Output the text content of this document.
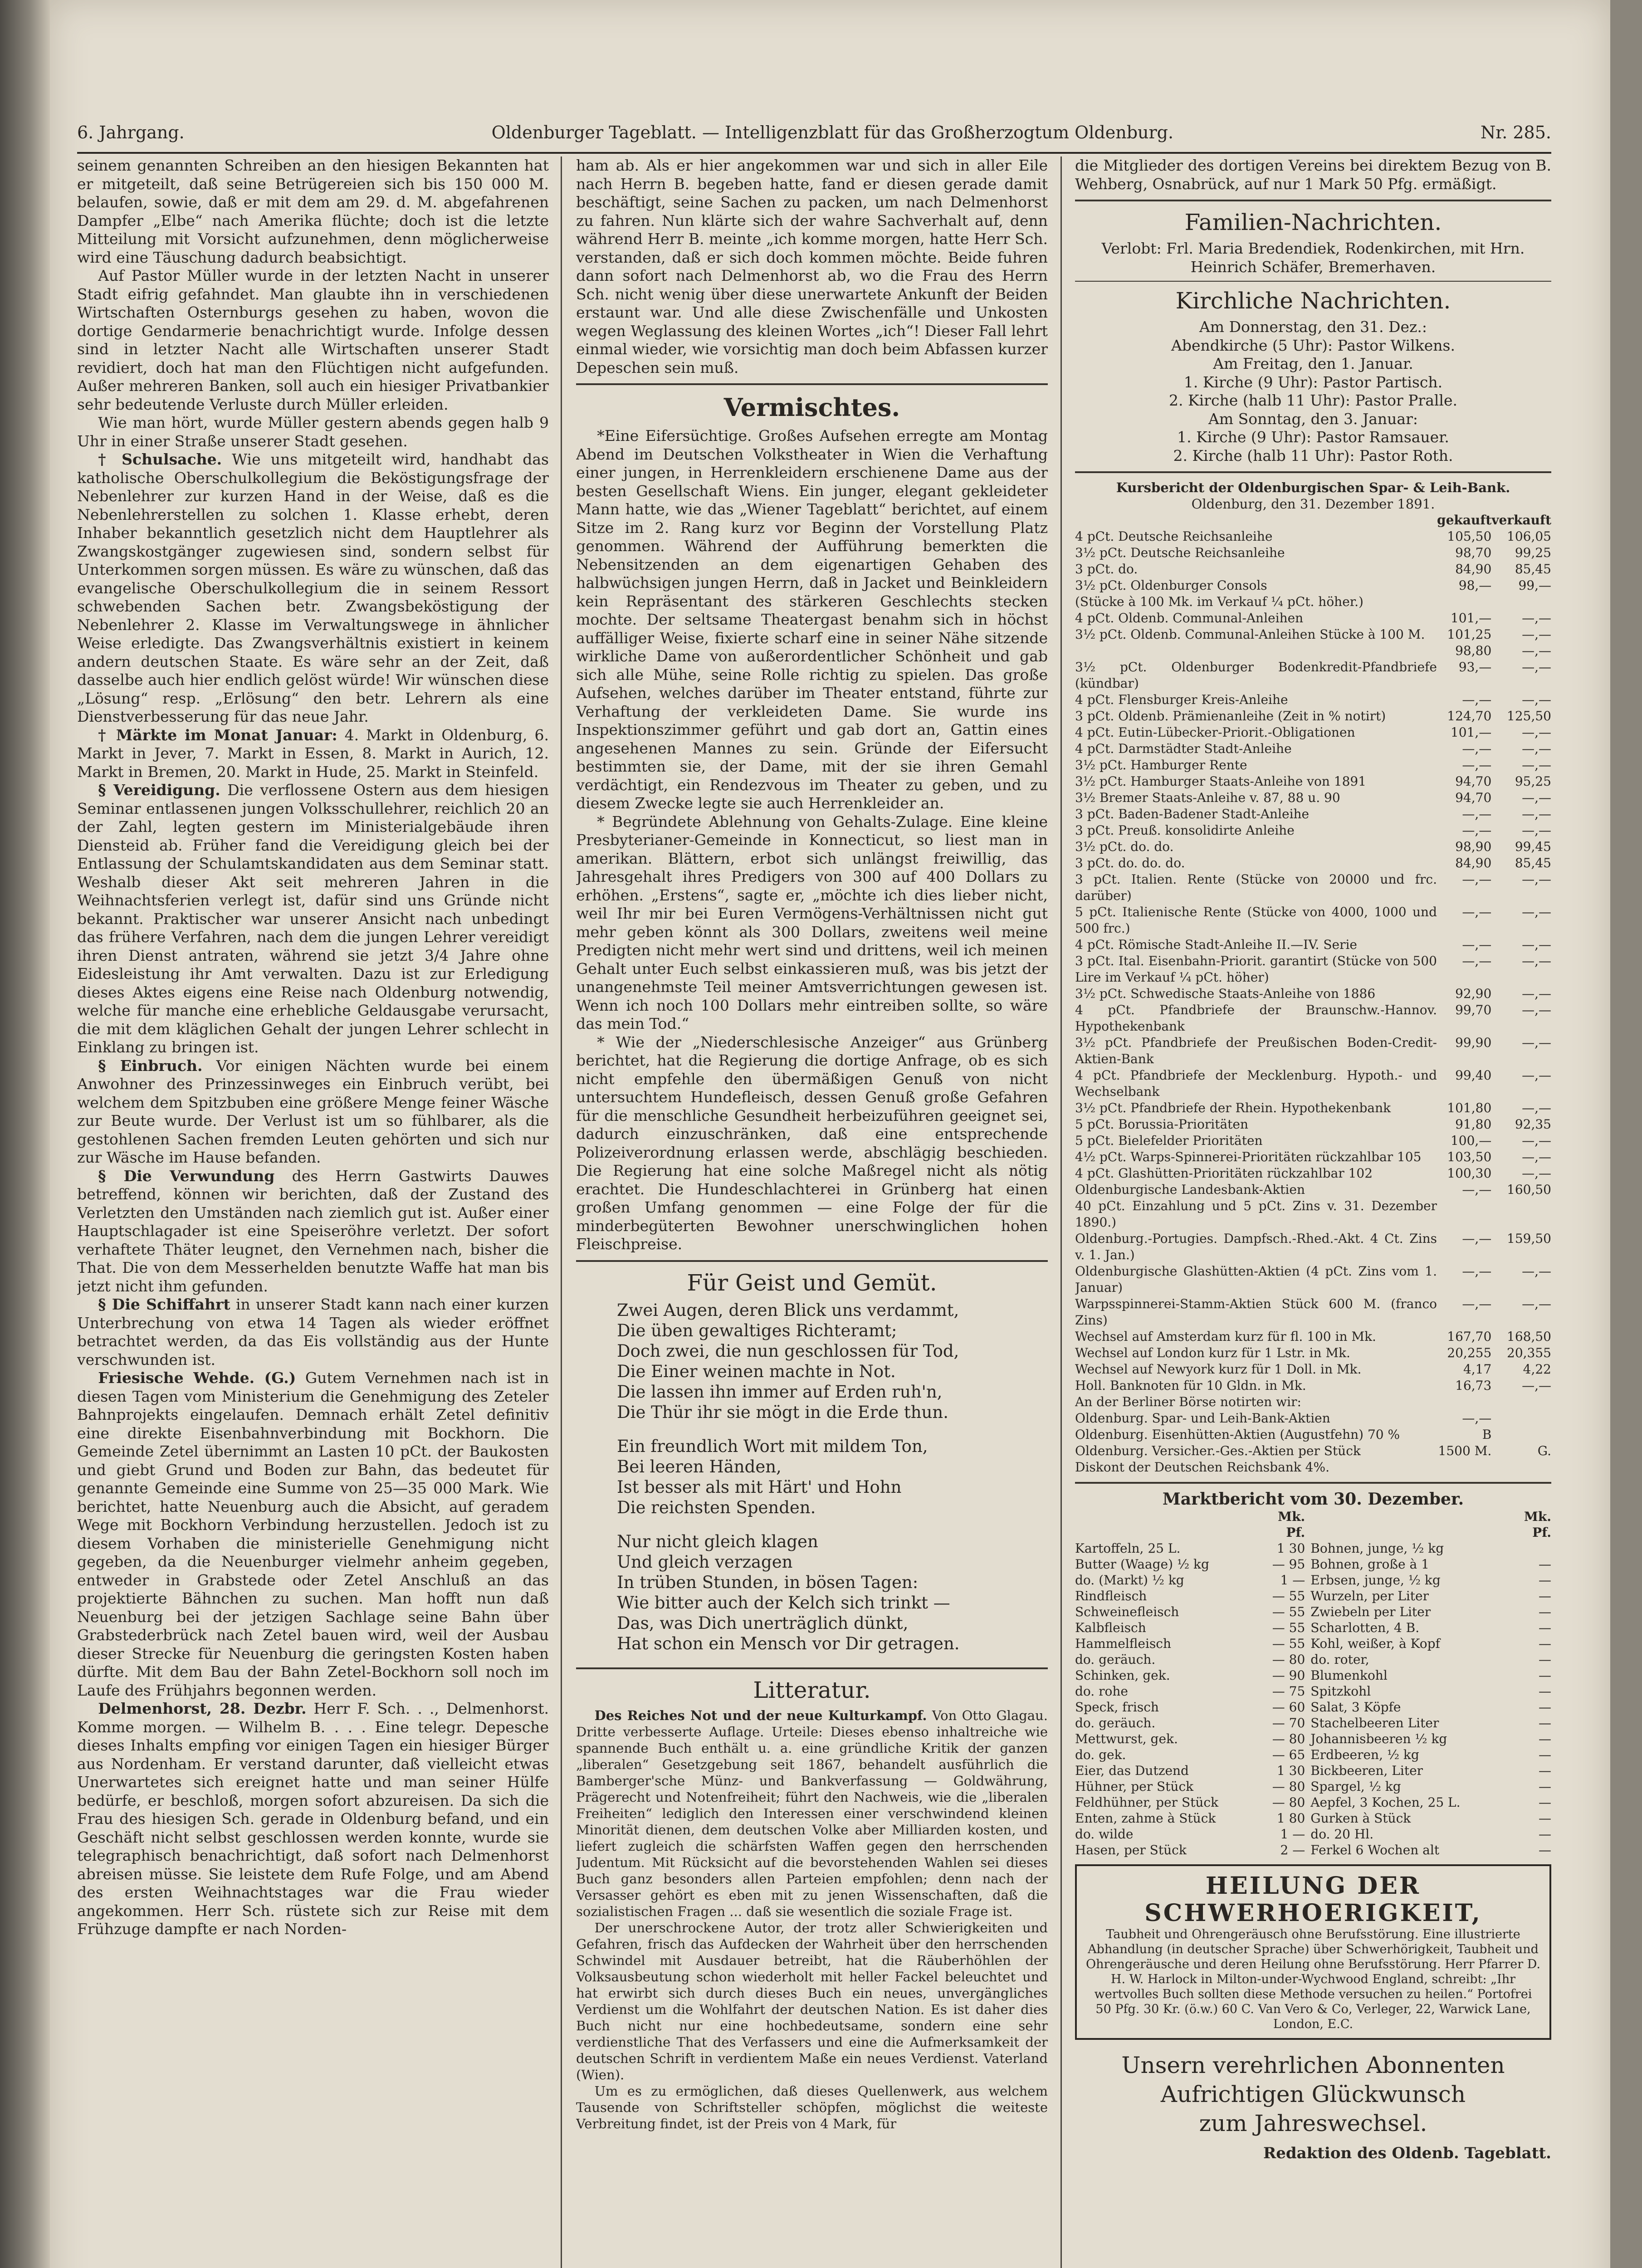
6. Jahrgang.	Oldenburger Tageblatt. — Intelligenzblatt für das Großherzogtum Oldenburg.	Nr. 285.

seinem genannten Schreiben an den hiesigen Bekannten hat er mitgeteilt, daß seine Betrügereien sich bis 150 000 M. belaufen, sowie, daß er mit dem am 29. d. M. abgefahrenen Dampfer „Elbe“ nach Amerika flüchte; doch ist die letzte Mitteilung mit Vorsicht aufzunehmen, denn möglicherweise wird eine Täuschung dadurch beabsichtigt.

Auf Pastor Müller wurde in der letzten Nacht in unserer Stadt eifrig gefahndet. Man glaubte ihn in verschiedenen Wirtschaften Osternburgs gesehen zu haben, wovon die dortige Gendarmerie benachrichtigt wurde. Infolge dessen sind in letzter Nacht alle Wirtschaften unserer Stadt revidiert, doch hat man den Flüchtigen nicht aufgefunden. Außer mehreren Banken, soll auch ein hiesiger Privatbankier sehr bedeutende Verluste durch Müller erleiden.

Wie man hört, wurde Müller gestern abends gegen halb 9 Uhr in einer Straße unserer Stadt gesehen.

† Schulsache. Wie uns mitgeteilt wird, handhabt das katholische Oberschulkollegium die Beköstigungsfrage der Nebenlehrer zur kurzen Hand in der Weise, daß es die Nebenlehrerstellen zu solchen 1. Klasse erhebt, deren Inhaber bekanntlich gesetzlich nicht dem Hauptlehrer als Zwangskostgänger zugewiesen sind, sondern selbst für Unterkommen sorgen müssen. Es wäre zu wünschen, daß das evangelische Oberschulkollegium die in seinem Ressort schwebenden Sachen betr. Zwangsbeköstigung der Nebenlehrer 2. Klasse im Verwaltungswege in ähnlicher Weise erledigte. Das Zwangsverhältnis existiert in keinem andern deutschen Staate. Es wäre sehr an der Zeit, daß dasselbe auch hier endlich gelöst würde! Wir wünschen diese „Lösung“ resp. „Erlösung“ den betr. Lehrern als eine Dienstverbesserung für das neue Jahr.

† Märkte im Monat Januar: 4. Markt in Oldenburg, 6. Markt in Jever, 7. Markt in Essen, 8. Markt in Aurich, 12. Markt in Bremen, 20. Markt in Hude, 25. Markt in Steinfeld.

§ Vereidigung. Die verflossene Ostern aus dem hiesigen Seminar entlassenen jungen Volksschullehrer, reichlich 20 an der Zahl, legten gestern im Ministerialgebäude ihren Diensteid ab. Früher fand die Vereidigung gleich bei der Entlassung der Schulamtskandidaten aus dem Seminar statt. Weshalb dieser Akt seit mehreren Jahren in die Weihnachtsferien verlegt ist, dafür sind uns Gründe nicht bekannt. Praktischer war unserer Ansicht nach unbedingt das frühere Verfahren, nach dem die jungen Lehrer vereidigt ihren Dienst antraten, während sie jetzt 3/4 Jahre ohne Eidesleistung ihr Amt verwalten. Dazu ist zur Erledigung dieses Aktes eigens eine Reise nach Oldenburg notwendig, welche für manche eine erhebliche Geldausgabe verursacht, die mit dem kläglichen Gehalt der jungen Lehrer schlecht in Einklang zu bringen ist.

§ Einbruch. Vor einigen Nächten wurde bei einem Anwohner des Prinzessinweges ein Einbruch verübt, bei welchem dem Spitzbuben eine größere Menge feiner Wäsche zur Beute wurde. Der Verlust ist um so fühlbarer, als die gestohlenen Sachen fremden Leuten gehörten und sich nur zur Wäsche im Hause befanden.

§ Die Verwundung des Herrn Gastwirts Dauwes betreffend, können wir berichten, daß der Zustand des Verletzten den Umständen nach ziemlich gut ist. Außer einer Hauptschlagader ist eine Speiseröhre verletzt. Der sofort verhaftete Thäter leugnet, den Vernehmen nach, bisher die That. Die von dem Messerhelden benutzte Waffe hat man bis jetzt nicht ihm gefunden.

§ Die Schiffahrt in unserer Stadt kann nach einer kurzen Unterbrechung von etwa 14 Tagen als wieder eröffnet betrachtet werden, da das Eis vollständig aus der Hunte verschwunden ist.

Friesische Wehde. (G.) Gutem Vernehmen nach ist in diesen Tagen vom Ministerium die Genehmigung des Zeteler Bahnprojekts eingelaufen. Demnach erhält Zetel definitiv eine direkte Eisenbahnverbindung mit Bockhorn. Die Gemeinde Zetel übernimmt an Lasten 10 pCt. der Baukosten und giebt Grund und Boden zur Bahn, das bedeutet für genannte Gemeinde eine Summe von 25—35 000 Mark. Wie berichtet, hatte Neuenburg auch die Absicht, auf geradem Wege mit Bockhorn Verbindung herzustellen. Jedoch ist zu diesem Vorhaben die ministerielle Genehmigung nicht gegeben, da die Neuenburger vielmehr anheim gegeben, entweder in Grabstede oder Zetel Anschluß an das projektierte Bähnchen zu suchen. Man hofft nun daß Neuenburg bei der jetzigen Sachlage seine Bahn über Grabstederbrück nach Zetel bauen wird, weil der Ausbau dieser Strecke für Neuenburg die geringsten Kosten haben dürfte. Mit dem Bau der Bahn Zetel-Bockhorn soll noch im Laufe des Frühjahrs begonnen werden.

Delmenhorst, 28. Dezbr. Herr F. Sch. . ., Delmenhorst. Komme morgen. — Wilhelm B. . . . Eine telegr. Depesche dieses Inhalts empfing vor einigen Tagen ein hiesiger Bürger aus Nordenham. Er verstand darunter, daß vielleicht etwas Unerwartetes sich ereignet hatte und man seiner Hülfe bedürfe, er beschloß, morgen sofort abzureisen. Da sich die Frau des hiesigen Sch. gerade in Oldenburg befand, und ein Geschäft nicht selbst geschlossen werden konnte, wurde sie telegraphisch benachrichtigt, daß sofort nach Delmenhorst abreisen müsse. Sie leistete dem Rufe Folge, und am Abend des ersten Weihnachtstages war die Frau wieder angekommen. Herr Sch. rüstete sich zur Reise mit dem Frühzuge dampfte er nach Norden-

ham ab. Als er hier angekommen war und sich in aller Eile nach Herrn B. begeben hatte, fand er diesen gerade damit beschäftigt, seine Sachen zu packen, um nach Delmenhorst zu fahren. Nun klärte sich der wahre Sachverhalt auf, denn während Herr B. meinte „ich komme morgen, hatte Herr Sch. verstanden, daß er sich doch kommen möchte. Beide fuhren dann sofort nach Delmenhorst ab, wo die Frau des Herrn Sch. nicht wenig über diese unerwartete Ankunft der Beiden erstaunt war. Und alle diese Zwischenfälle und Unkosten wegen Weglassung des kleinen Wortes „ich“! Dieser Fall lehrt einmal wieder, wie vorsichtig man doch beim Abfassen kurzer Depeschen sein muß.

Vermischtes.

*Eine Eifersüchtige. Großes Aufsehen erregte am Montag Abend im Deutschen Volkstheater in Wien die Verhaftung einer jungen, in Herrenkleidern erschienene Dame aus der besten Gesellschaft Wiens. Ein junger, elegant gekleideter Mann hatte, wie das „Wiener Tageblatt“ berichtet, auf einem Sitze im 2. Rang kurz vor Beginn der Vorstellung Platz genommen. Während der Aufführung bemerkten die Nebensitzenden an dem eigenartigen Gehaben des halbwüchsigen jungen Herrn, daß in Jacket und Beinkleidern kein Repräsentant des stärkeren Geschlechts stecken mochte. Der seltsame Theatergast benahm sich in höchst auffälliger Weise, fixierte scharf eine in seiner Nähe sitzende wirkliche Dame von außerordentlicher Schönheit und gab sich alle Mühe, seine Rolle richtig zu spielen. Das große Aufsehen, welches darüber im Theater entstand, führte zur Verhaftung der verkleideten Dame. Sie wurde ins Inspektionszimmer geführt und gab dort an, Gattin eines angesehenen Mannes zu sein. Gründe der Eifersucht bestimmten sie, der Dame, mit der sie ihren Gemahl verdächtigt, ein Rendezvous im Theater zu geben, und zu diesem Zwecke legte sie auch Herrenkleider an.

* Begründete Ablehnung von Gehalts-Zulage. Eine kleine Presbyterianer-Gemeinde in Konnecticut, so liest man in amerikan. Blättern, erbot sich unlängst freiwillig, das Jahresgehalt ihres Predigers von 300 auf 400 Dollars zu erhöhen. „Erstens“, sagte er, „möchte ich dies lieber nicht, weil Ihr mir bei Euren Vermögens-Verhältnissen nicht gut mehr geben könnt als 300 Dollars, zweitens weil meine Predigten nicht mehr wert sind und drittens, weil ich meinen Gehalt unter Euch selbst einkassieren muß, was bis jetzt der unangenehmste Teil meiner Amtsverrichtungen gewesen ist. Wenn ich noch 100 Dollars mehr eintreiben sollte, so wäre das mein Tod.“

* Wie der „Niederschlesische Anzeiger“ aus Grünberg berichtet, hat die Regierung die dortige Anfrage, ob es sich nicht empfehle den übermäßigen Genuß von nicht untersuchtem Hundefleisch, dessen Genuß große Gefahren für die menschliche Gesundheit herbeizuführen geeignet sei, dadurch einzuschränken, daß eine entsprechende Polizeiverordnung erlassen werde, abschlägig beschieden. Die Regierung hat eine solche Maßregel nicht als nötig erachtet. Die Hundeschlachterei in Grünberg hat einen großen Umfang genommen — eine Folge der für die minderbegüterten Bewohner unerschwinglichen hohen Fleischpreise.

Für Geist und Gemüt.
Zwei Augen, deren Blick uns verdammt,
Die üben gewaltiges Richteramt;
Doch zwei, die nun geschlossen für Tod,
Die Einer weinen machte in Not.
Die lassen ihn immer auf Erden ruh'n,
Die Thür ihr sie mögt in die Erde thun.
Ein freundlich Wort mit mildem Ton,
Bei leeren Händen,
Ist besser als mit Härt' und Hohn
Die reichsten Spenden.
Nur nicht gleich klagen
Und gleich verzagen
In trüben Stunden, in bösen Tagen:
Wie bitter auch der Kelch sich trinkt —
Das, was Dich unerträglich dünkt,
Hat schon ein Mensch vor Dir getragen.
Litteratur.

Des Reiches Not und der neue Kulturkampf. Von Otto Glagau. Dritte verbesserte Auflage. Urteile: Dieses ebenso inhaltreiche wie spannende Buch enthält u. a. eine gründliche Kritik der ganzen „liberalen“ Gesetzgebung seit 1867, behandelt ausführlich die Bamberger'sche Münz- und Bankverfassung — Goldwährung, Prägerecht und Notenfreiheit; führt den Nachweis, wie die „liberalen Freiheiten“ lediglich den Interessen einer verschwindend kleinen Minorität dienen, dem deutschen Volke aber Milliarden kosten, und liefert zugleich die schärfsten Waffen gegen den herrschenden Judentum. Mit Rücksicht auf die bevorstehenden Wahlen sei dieses Buch ganz besonders allen Parteien empfohlen; denn nach der Versasser gehört es eben mit zu jenen Wissenschaften, daß die sozialistischen Fragen ... daß sie wesentlich die soziale Frage ist.

Der unerschrockene Autor, der trotz aller Schwierigkeiten und Gefahren, frisch das Aufdecken der Wahrheit über den herrschenden Schwindel mit Ausdauer betreibt, hat die Räuberhöhlen der Volksausbeutung schon wiederholt mit heller Fackel beleuchtet und hat erwirbt sich durch dieses Buch ein neues, unvergängliches Verdienst um die Wohlfahrt der deutschen Nation. Es ist daher dies Buch nicht nur eine hochbedeutsame, sondern eine sehr verdienstliche That des Verfassers und eine die Aufmerksamkeit der deutschen Schrift in verdientem Maße ein neues Verdienst. Vaterland (Wien).

Um es zu ermöglichen, daß dieses Quellenwerk, aus welchem Tausende von Schriftsteller schöpfen, möglichst die weiteste Verbreitung findet, ist der Preis von 4 Mark, für

die Mitglieder des dortigen Vereins bei direktem Bezug von B. Wehberg, Osnabrück, auf nur 1 Mark 50 Pfg. ermäßigt.

Familien-Nachrichten.

Verlobt: Frl. Maria Bredendiek, Rodenkirchen, mit Hrn. Heinrich Schäfer, Bremerhaven.

Kirchliche Nachrichten.
Am Donnerstag, den 31. Dez.:
Abendkirche (5 Uhr): Pastor Wilkens.
Am Freitag, den 1. Januar.
1. Kirche (9 Uhr): Pastor Partisch.
2. Kirche (halb 11 Uhr): Pastor Pralle.
Am Sonntag, den 3. Januar:
1. Kirche (9 Uhr): Pastor Ramsauer.
2. Kirche (halb 11 Uhr): Pastor Roth.
Kursbericht der Oldenburgischen Spar- & Leih-Bank.
Oldenburg, den 31. Dezember 1891.
	gekauft	verkauft
4 pCt. Deutsche Reichsanleihe	105,50	106,05
3½ pCt. Deutsche Reichsanleihe	98,70	99,25
3 pCt. do.	84,90	85,45
3½ pCt. Oldenburger Consols	98,—	99,—
(Stücke à 100 Mk. im Verkauf ¼ pCt. höher.)		
4 pCt. Oldenb. Communal-Anleihen	101,—	—,—
3½ pCt. Oldenb. Communal-Anleihen Stücke à 100 M.	101,25	—,—
	98,80	—,—
3½ pCt. Oldenburger Bodenkredit-Pfandbriefe (kündbar)	93,—	—,—
4 pCt. Flensburger Kreis-Anleihe	—,—	—,—
3 pCt. Oldenb. Prämienanleihe (Zeit in % notirt)	124,70	125,50
4 pCt. Eutin-Lübecker-Priorit.-Obligationen	101,—	—,—
4 pCt. Darmstädter Stadt-Anleihe	—,—	—,—
3½ pCt. Hamburger Rente	—,—	—,—
3½ pCt. Hamburger Staats-Anleihe von 1891	94,70	95,25
3½ Bremer Staats-Anleihe v. 87, 88 u. 90	94,70	—,—
3 pCt. Baden-Badener Stadt-Anleihe	—,—	—,—
3 pCt. Preuß. konsolidirte Anleihe	—,—	—,—
3½ pCt. do. do.	98,90	99,45
3 pCt. do. do. do.	84,90	85,45
3 pCt. Italien. Rente (Stücke von 20000 und frc. darüber)	—,—	—,—
5 pCt. Italienische Rente (Stücke von 4000, 1000 und 500 frc.)	—,—	—,—
4 pCt. Römische Stadt-Anleihe II.—IV. Serie	—,—	—,—
3 pCt. Ital. Eisenbahn-Priorit. garantirt (Stücke von 500 Lire im Verkauf ¼ pCt. höher)	—,—	—,—
3½ pCt. Schwedische Staats-Anleihe von 1886	92,90	—,—
4 pCt. Pfandbriefe der Braunschw.-Hannov. Hypothekenbank	99,70	—,—
3½ pCt. Pfandbriefe der Preußischen Boden-Credit-Aktien-Bank	99,90	—,—
4 pCt. Pfandbriefe der Mecklenburg. Hypoth.- und Wechselbank	99,40	—,—
3½ pCt. Pfandbriefe der Rhein. Hypothekenbank	101,80	—,—
5 pCt. Borussia-Prioritäten	91,80	92,35
5 pCt. Bielefelder Prioritäten	100,—	—,—
4½ pCt. Warps-Spinnerei-Prioritäten rückzahlbar 105	103,50	—,—
4 pCt. Glashütten-Prioritäten rückzahlbar 102	100,30	—,—
Oldenburgische Landesbank-Aktien	—,—	160,50
40 pCt. Einzahlung und 5 pCt. Zins v. 31. Dezember 1890.)		
Oldenburg.-Portugies. Dampfsch.-Rhed.-Akt. 4 Ct. Zins v. 1. Jan.)	—,—	159,50
Oldenburgische Glashütten-Aktien (4 pCt. Zins vom 1. Januar)	—,—	—,—
Warpsspinnerei-Stamm-Aktien Stück 600 M. (franco Zins)	—,—	—,—
Wechsel auf Amsterdam kurz für fl. 100 in Mk.	167,70	168,50
Wechsel auf London kurz für 1 Lstr. in Mk.	20,255	20,355
Wechsel auf Newyork kurz für 1 Doll. in Mk.	4,17	4,22
Holl. Banknoten für 10 Gldn. in Mk.	16,73	—,—
An der Berliner Börse notirten wir:		
Oldenburg. Spar- und Leih-Bank-Aktien	—,—	
Oldenburg. Eisenhütten-Aktien (Augustfehn) 70 %	B	
Oldenburg. Versicher.-Ges.-Aktien per Stück	1500 M.	G.
Diskont der Deutschen Reichsbank 4%.		
Marktbericht vom 30. Dezember.
	Mk. Pf.		Mk. Pf.
Kartoffeln, 25 L.	1 30	Bohnen, junge, ½ kg	
Butter (Waage) ½ kg	— 95	Bohnen, große à 1	—
do. (Markt) ½ kg	1 —	Erbsen, junge, ½ kg	—
Rindfleisch	— 55	Wurzeln, per Liter	—
Schweinefleisch	— 55	Zwiebeln per Liter	—
Kalbfleisch	— 55	Scharlotten, 4 B.	—
Hammelfleisch	— 55	Kohl, weißer, à Kopf	—
do. geräuch.	— 80	do. roter,	—
Schinken, gek.	— 90	Blumenkohl	—
do. rohe	— 75	Spitzkohl	—
Speck, frisch	— 60	Salat, 3 Köpfe	—
do. geräuch.	— 70	Stachelbeeren Liter	—
Mettwurst, gek.	— 80	Johannisbeeren ½ kg	—
do. gek.	— 65	Erdbeeren, ½ kg	—
Eier, das Dutzend	1 30	Bickbeeren, Liter	—
Hühner, per Stück	— 80	Spargel, ½ kg	—
Feldhühner, per Stück	— 80	Aepfel, 3 Kochen, 25 L.	—
Enten, zahme à Stück	1 80	Gurken à Stück	—
do. wilde	1 —	do. 20 Hl.	—
Hasen, per Stück	2 —	Ferkel 6 Wochen alt	—
HEILUNG DER
SCHWERHOERIGKEIT,
Taubheit und Ohrengeräusch ohne Berufsstörung. Eine illustrierte Abhandlung (in deutscher Sprache) über Schwerhörigkeit, Taubheit und Ohrengeräusche und deren Heilung ohne Berufsstörung. Herr Pfarrer D. H. W. Harlock in Milton-under-Wychwood England, schreibt: „Ihr wertvolles Buch sollten diese Methode versuchen zu heilen.“ Portofrei 50 Pfg. 30 Kr. (ö.w.) 60 C. Van Vero & Co, Verleger, 22, Warwick Lane, London, E.C.
Unsern verehrlichen Abonnenten
Aufrichtigen Glückwunsch
zum Jahreswechsel.
Redaktion des Oldenb. Tageblatt.
